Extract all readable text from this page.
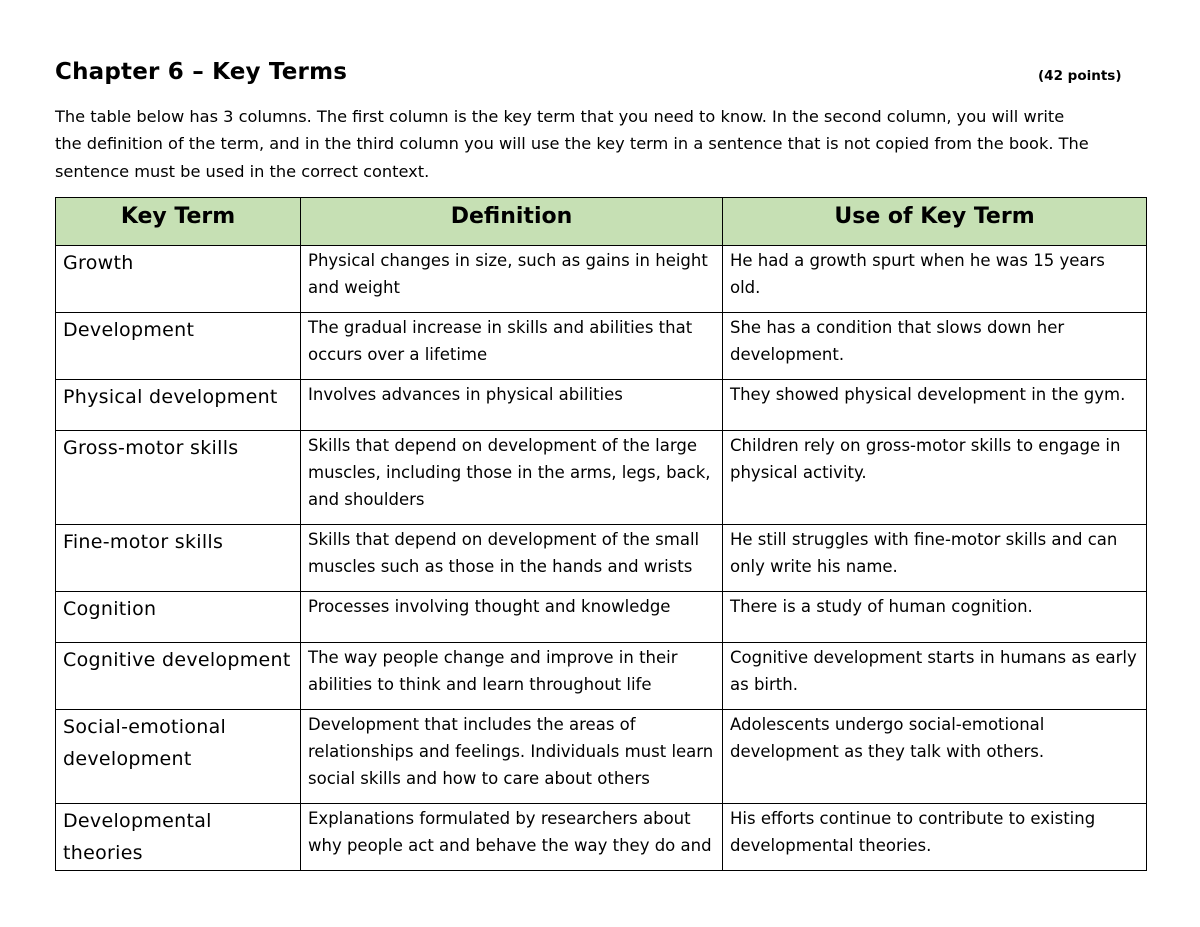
Chapter 6 – Key Terms	(42 points)
The table below has 3 columns. The first column is the key term that you need to know. In the second column, you will write
the definition of the term, and in the third column you will use the key term in a sentence that is not copied from the book. The
sentence must be used in the correct context.
Key Term	Definition	Use of Key Term
Growth	Physical changes in size, such as gains in height and weight	He had a growth spurt when he was 15 years old.
Development	The gradual increase in skills and abilities that occurs over a lifetime	She has a condition that slows down her development.
Physical development	Involves advances in physical abilities	They showed physical development in the gym.
Gross-motor skills	Skills that depend on development of the large muscles, including those in the arms, legs, back, and shoulders	Children rely on gross-motor skills to engage in physical activity.
Fine-motor skills	Skills that depend on development of the small muscles such as those in the hands and wrists	He still struggles with fine-motor skills and can only write his name.
Cognition	Processes involving thought and knowledge	There is a study of human cognition.
Cognitive development	The way people change and improve in their abilities to think and learn throughout life	Cognitive development starts in humans as early as birth.
Social-emotional development	Development that includes the areas of relationships and feelings. Individuals must learn social skills and how to care about others	Adolescents undergo social-emotional development as they talk with others.
Developmental theories	Explanations formulated by researchers about why people act and behave the way they do and	His efforts continue to contribute to existing developmental theories.
